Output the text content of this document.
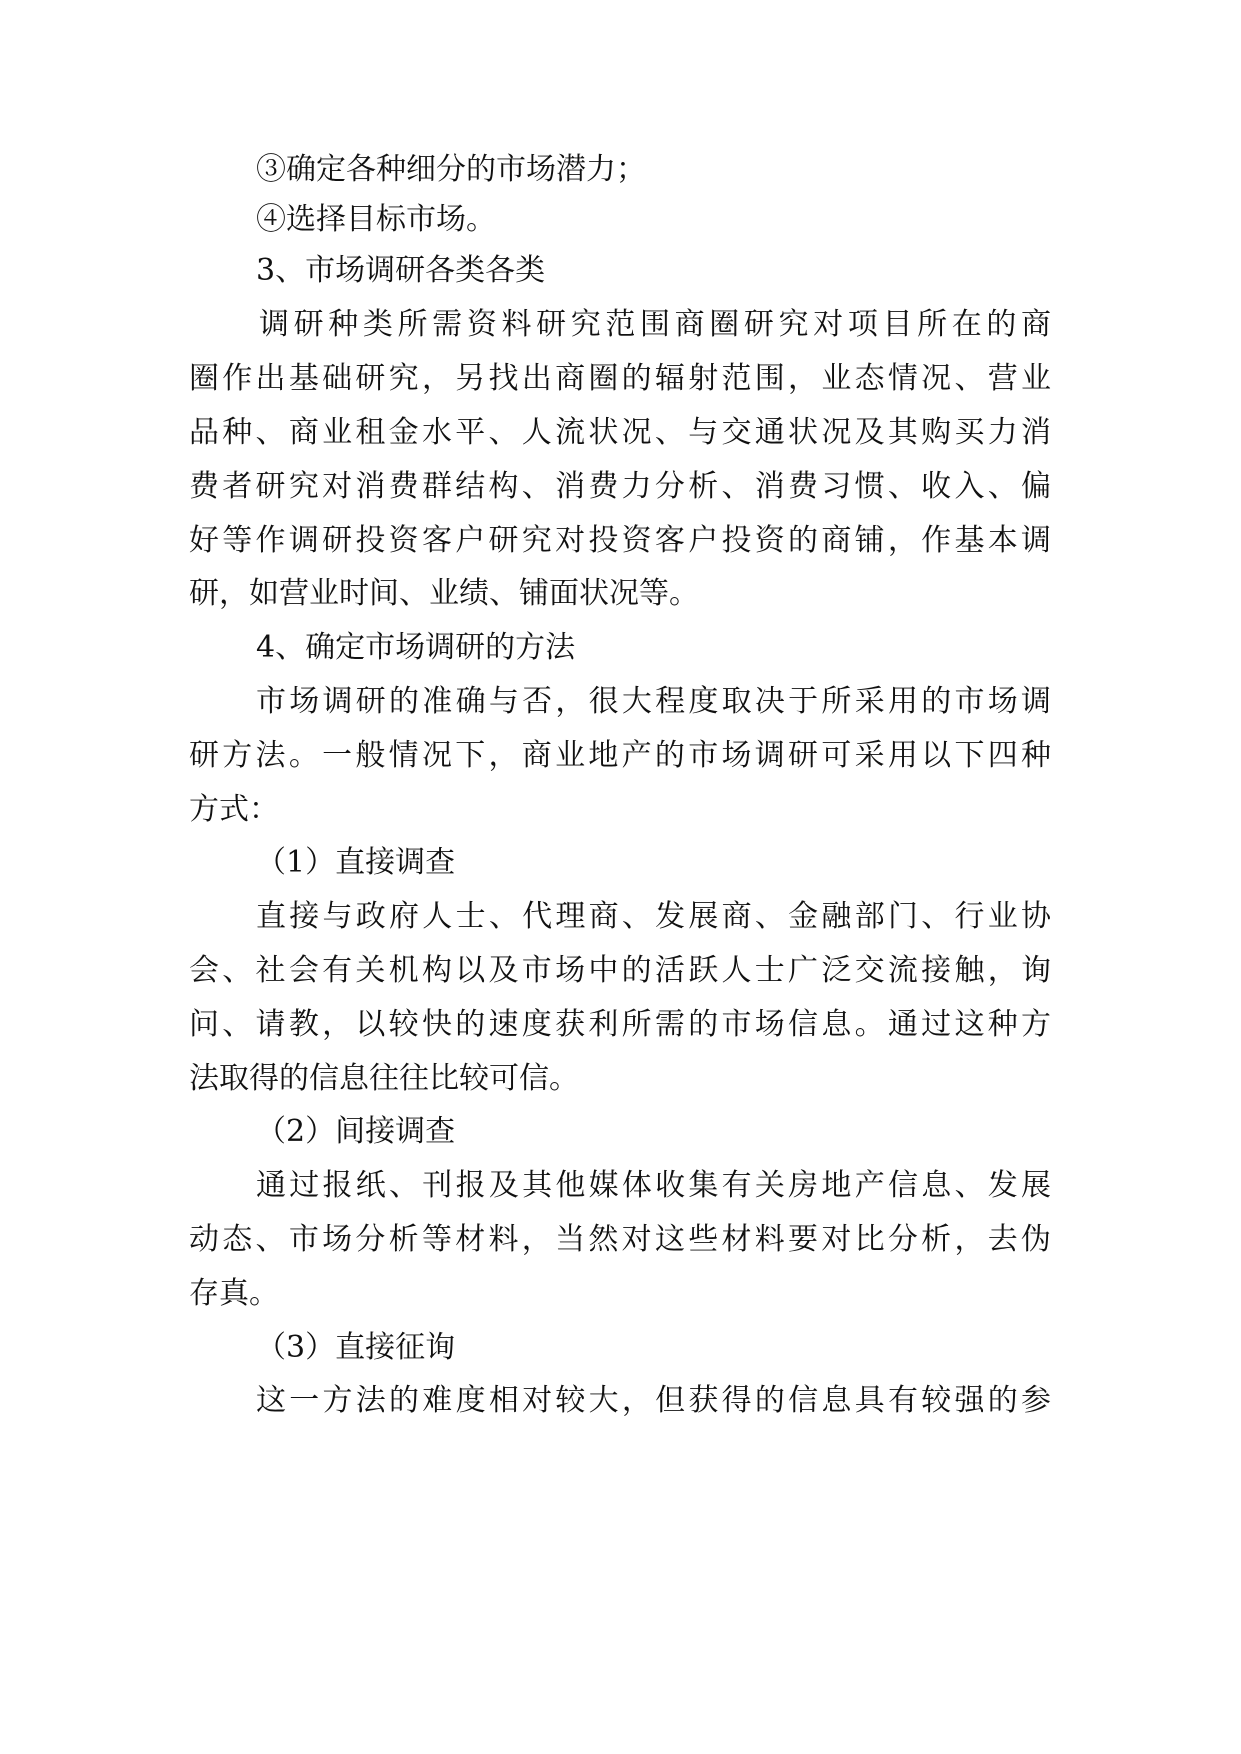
③确定各种细分的市场潜力；
④选择目标市场。
3、市场调研各类各类
调研种类所需资料研究范围商圈研究对项目所在的商
圈作出基础研究，另找出商圈的辐射范围，业态情况、营业
品种、商业租金水平、人流状况、与交通状况及其购买力消
费者研究对消费群结构、消费力分析、消费习惯、收入、偏
好等作调研投资客户研究对投资客户投资的商铺，作基本调
研，如营业时间、业绩、铺面状况等。
4、确定市场调研的方法
市场调研的准确与否，很大程度取决于所采用的市场调
研方法。一般情况下，商业地产的市场调研可采用以下四种
方式：
（1）直接调查
直接与政府人士、代理商、发展商、金融部门、行业协
会、社会有关机构以及市场中的活跃人士广泛交流接触，询
问、请教，以较快的速度获利所需的市场信息。通过这种方
法取得的信息往往比较可信。
（2）间接调查
通过报纸、刊报及其他媒体收集有关房地产信息、发展
动态、市场分析等材料，当然对这些材料要对比分析，去伪
存真。
（3）直接征询
这一方法的难度相对较大，但获得的信息具有较强的参
